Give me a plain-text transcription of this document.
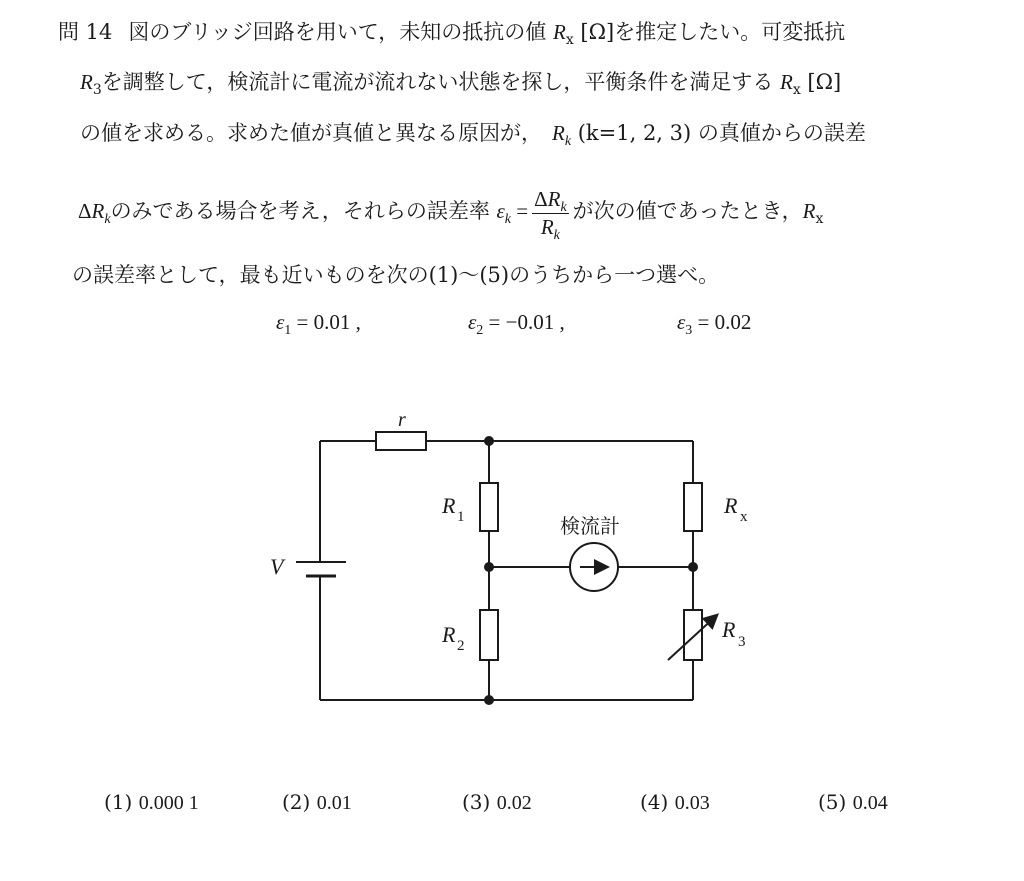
問 14 図のブリッジ回路を用いて，未知の抵抗の値 $R_x$ [Ω]を推定したい。可変抵抗
$R_3$を調整して，検流計に電流が流れない状態を探し，平衡条件を満足する $R_x$ [Ω]
の値を求める。求めた値が真値と異なる原因が， $R_k$ (k=1, 2, 3) の真値からの誤差
$\Delta R_k$のみである場合を考え，それらの誤差率 $\varepsilon_k = \frac{\Delta R_k}{R_k}$ が次の値であったとき，$R_x$
の誤差率として，最も近いものを次の(1)～(5)のうちから一つ選べ。
$\varepsilon_1 = 0.01$ ,	$\varepsilon_2 = -0.01$ ,	$\varepsilon_3 = 0.02$
r
V
R 1
R 2
R x
R 3
検流計
(1) 0.000 1	(2) 0.01	(3) 0.02	(4) 0.03	(5) 0.04
